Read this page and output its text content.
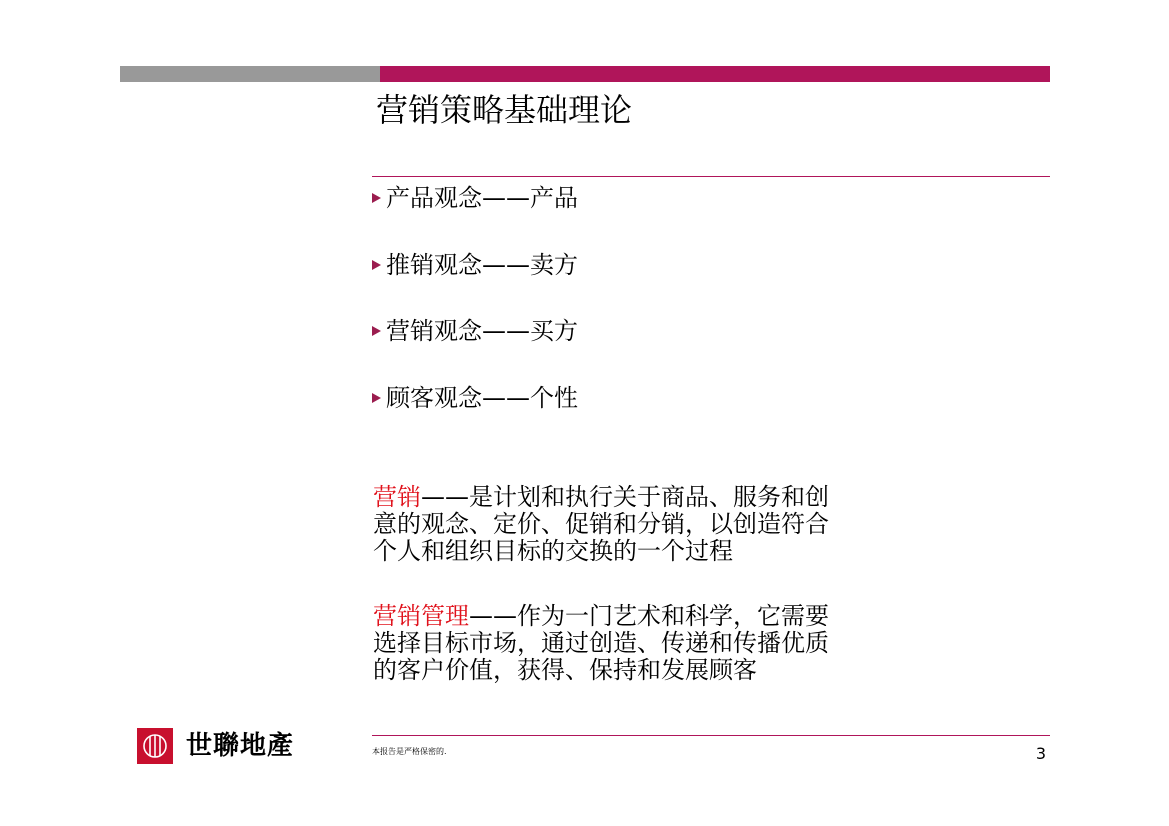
营销策略基础理论
产品观念——产品
推销观念——卖方
营销观念——买方
顾客观念——个性
营销——是计划和执行关于商品、服务和创
意的观念、定价、促销和分销，以创造符合
个人和组织目标的交换的一个过程
营销管理——作为一门艺术和科学，它需要
选择目标市场，通过创造、传递和传播优质
的客户价值，获得、保持和发展顾客
世聯地產	本报告是严格保密的.	3
